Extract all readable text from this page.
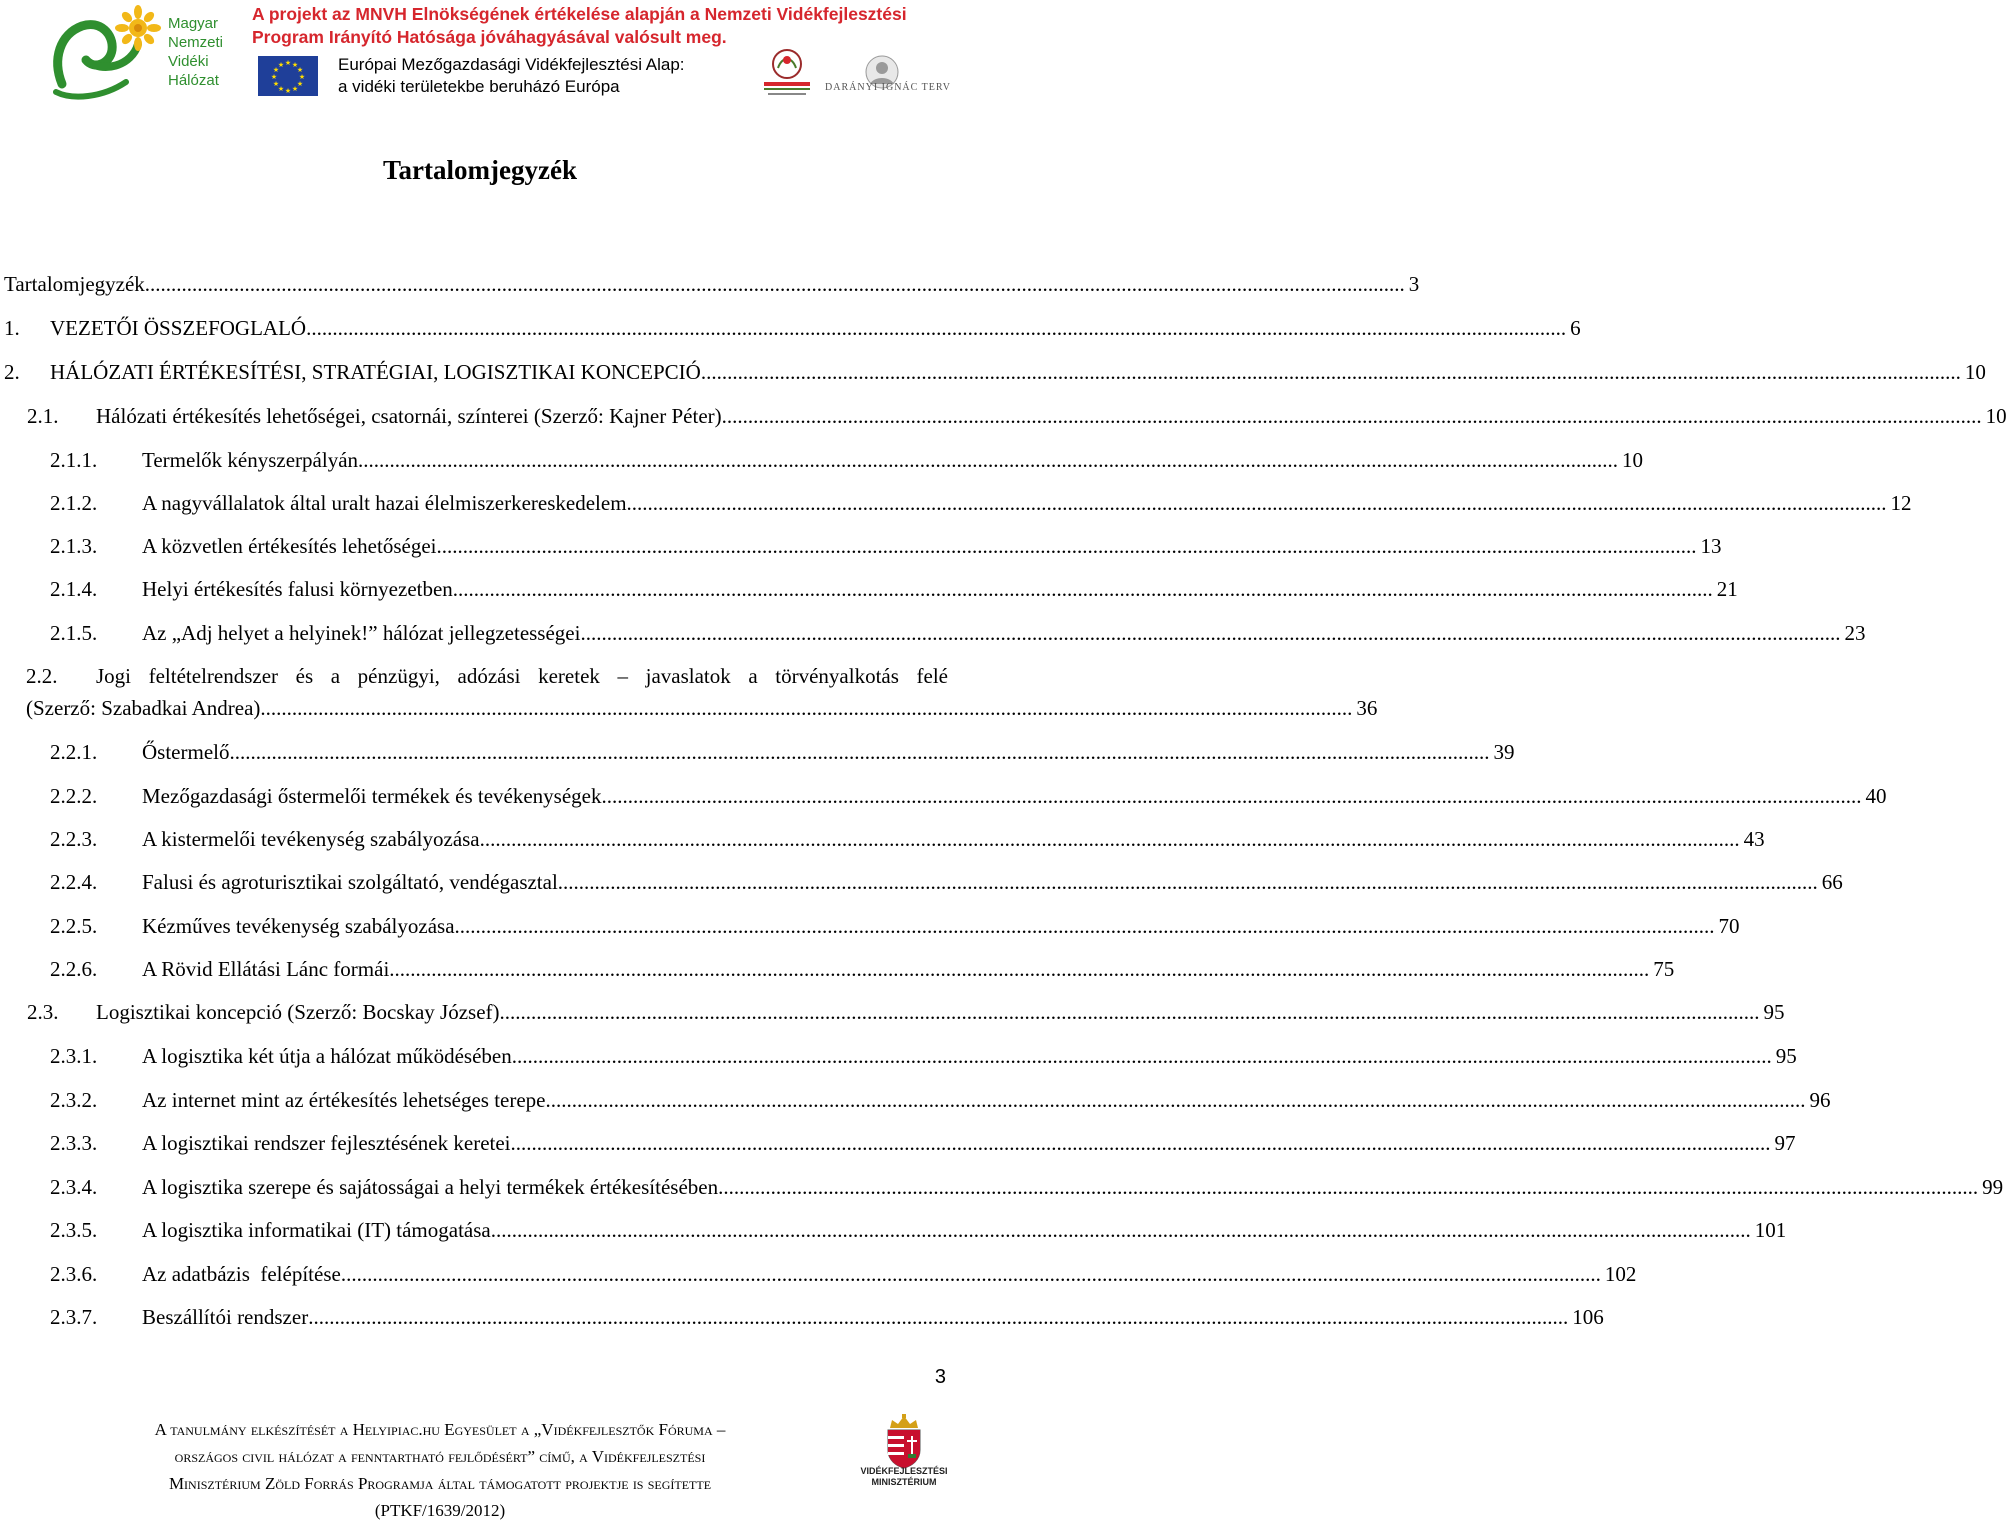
Magyar
Nemzeti
Vidéki
Hálózat
A projekt az MNVH Elnökségének értékelése alapján a Nemzeti Vidékfejlesztési
Program Irányító Hatósága jóváhagyásával valósult meg.
★ ★
★
★
★
★
★
★
★
★
★
★	Európai Mezőgazdasági Vidékfejlesztési Alap:
a vidéki területekbe beruházó Európa	DARÁNYI IGNÁC TERV
Tartalomjegyzék
Tartalomjegyzék .....	3
1. VEZETŐI ÖSSZEFOGLALÓ .....	6
2. HÁLÓZATI ÉRTÉKESÍTÉSI, STRATÉGIAI, LOGISZTIKAI KONCEPCIÓ .....	10
2.1. Hálózati értékesítés lehetőségei, csatornái, színterei (Szerző: Kajner Péter) .....	10
2.1.1. Termelők kényszerpályán .....	10
2.1.2. A nagyvállalatok által uralt hazai élelmiszerkereskedelem .....	12
2.1.3. A közvetlen értékesítés lehetőségei .....	13
2.1.4. Helyi értékesítés falusi környezetben .....	21
2.1.5. Az „Adj helyet a helyinek!” hálózat jellegzetességei .....	23
2.2. Jogi feltételrendszer és a pénzügyi, adózási keretek – javaslatok a törvényalkotás felé
(Szerző: Szabadkai Andrea) ................................................................................................................................................................................................................ 36
2.2.1. Őstermelő .....	39
2.2.2. Mezőgazdasági őstermelői termékek és tevékenységek .....	40
2.2.3. A kistermelői tevékenység szabályozása .....	43
2.2.4. Falusi és agroturisztikai szolgáltató, vendégasztal .....	66
2.2.5. Kézműves tevékenység szabályozása .....	70
2.2.6. A Rövid Ellátási Lánc formái .....	75
2.3. Logisztikai koncepció (Szerző: Bocskay József) .....	95
2.3.1. A logisztika két útja a hálózat működésében .....	95
2.3.2. Az internet mint az értékesítés lehetséges terepe .....	96
2.3.3. A logisztikai rendszer fejlesztésének keretei .....	97
2.3.4. A logisztika szerepe és sajátosságai a helyi termékek értékesítésében .....	99
2.3.5. A logisztika informatikai (IT) támogatása .....	101
2.3.6. Az adatbázis  felépítése .....	102
2.3.7. Beszállítói rendszer .....	106
3
A tanulmány elkészítését a Helyipiac.hu Egyesület a „Vidékfejlesztők Fóruma –
országos civil hálózat a fenntartható fejlődésért” című, a Vidékfejlesztési
Minisztérium Zöld Forrás Programja által támogatott projektje is segítette
(PTKF/1639/2012)
VIDÉKFEJLESZTÉSI
MINISZTÉRIUM
